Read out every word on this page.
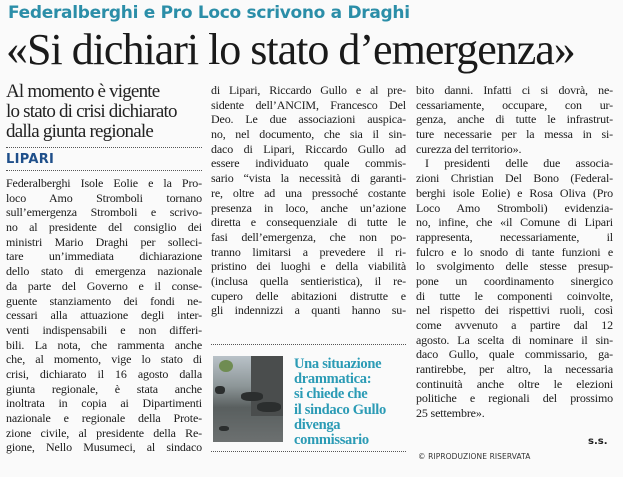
Federalberghi e Pro Loco scrivono a Draghi
«Si dichiari lo stato d’emergenza»
Al momento è vigente
lo stato di crisi dichiarato
dalla giunta regionale
LIPARI
Federalberghi Isole Eolie e la Pro-
loco Amo Stromboli tornano
sull’emergenza Stromboli e scrivo-
no al presidente del consiglio dei
ministri Mario Draghi per solleci-
tare un’immediata dichiarazione
dello stato di emergenza nazionale
da parte del Governo e il conse-
guente stanziamento dei fondi ne-
cessari alla attuazione degli inter-
venti indispensabili e non differi-
bili. La nota, che rammenta anche
che, al momento, vige lo stato di
crisi, dichiarato il 16 agosto dalla
giunta regionale, è stata anche
inoltrata in copia ai Dipartimenti
nazionale e regionale della Prote-
zione civile, al presidente della Re-
gione, Nello Musumeci, al sindaco
di Lipari, Riccardo Gullo e al pre-
sidente dell’ANCIM, Francesco Del
Deo. Le due associazioni auspica-
no, nel documento, che sia il sin-
daco di Lipari, Riccardo Gullo ad
essere individuato quale commis-
sario “vista la necessità di garanti-
re, oltre ad una pressoché costante
presenza in loco, anche un’azione
diretta e consequenziale di tutte le
fasi dell’emergenza, che non po-
tranno limitarsi a prevedere il ri-
pristino dei luoghi e della viabilità
(inclusa quella sentieristica), il re-
cupero delle abitazioni distrutte e
gli indennizzi a quanti hanno su-
bito danni. Infatti ci si dovrà, ne-
cessariamente, occupare, con ur-
genza, anche di tutte le infrastrut-
ture necessarie per la messa in si-
curezza del territorio».
I presidenti delle due associa-
zioni Christian Del Bono (Federal-
berghi isole Eolie) e Rosa Oliva (Pro
Loco Amo Stromboli) evidenzia-
no, infine, che «il Comune di Lipari
rappresenta, necessariamente, il
fulcro e lo snodo di tante funzioni e
lo svolgimento delle stesse presup-
pone un coordinamento sinergico
di tutte le componenti coinvolte,
nel rispetto dei rispettivi ruoli, così
come avvenuto a partire dal 12
agosto. La scelta di nominare il sin-
daco Gullo, quale commissario, ga-
rantirebbe, per altro, la necessaria
continuità anche oltre le elezioni
politiche e regionali del prossimo
25 settembre».
Una situazione
drammatica:
si chiede che
il sindaco Gullo
divenga
commissario	s.s.
© RIPRODUZIONE RISERVATA
